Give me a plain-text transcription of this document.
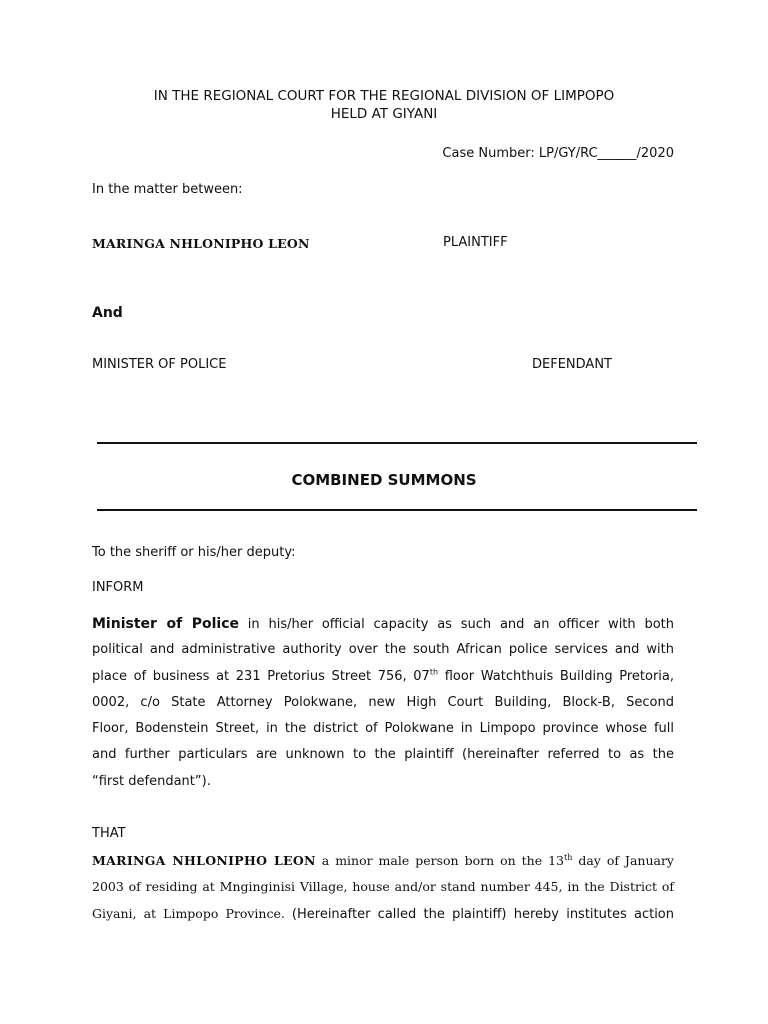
IN THE REGIONAL COURT FOR THE REGIONAL DIVISION OF LIMPOPO
HELD AT GIYANI
Case Number: LP/GY/RC______/2020
In the matter between:
MARINGA NHLONIPHO LEON	PLAINTIFF
And
MINISTER OF POLICE	DEFENDANT
COMBINED SUMMONS
To the sheriff or his/her deputy:
INFORM
Minister of Police in his/her official capacity as such and an officer with both
political and administrative authority over the south African police services and with
place of business at 231 Pretorius Street 756, 07th floor Watchthuis Building Pretoria,
0002, c/o State Attorney Polokwane, new High Court Building, Block-B, Second
Floor, Bodenstein Street, in the district of Polokwane in Limpopo province whose full
and further particulars are unknown to the plaintiff (hereinafter referred to as the
“first defendant”).
THAT
MARINGA NHLONIPHO LEON a minor male person born on the 13th day of January
2003 of residing at Mnginginisi Village, house and/or stand number 445, in the District of
Giyani, at Limpopo Province. (Hereinafter called the plaintiff) hereby institutes action
